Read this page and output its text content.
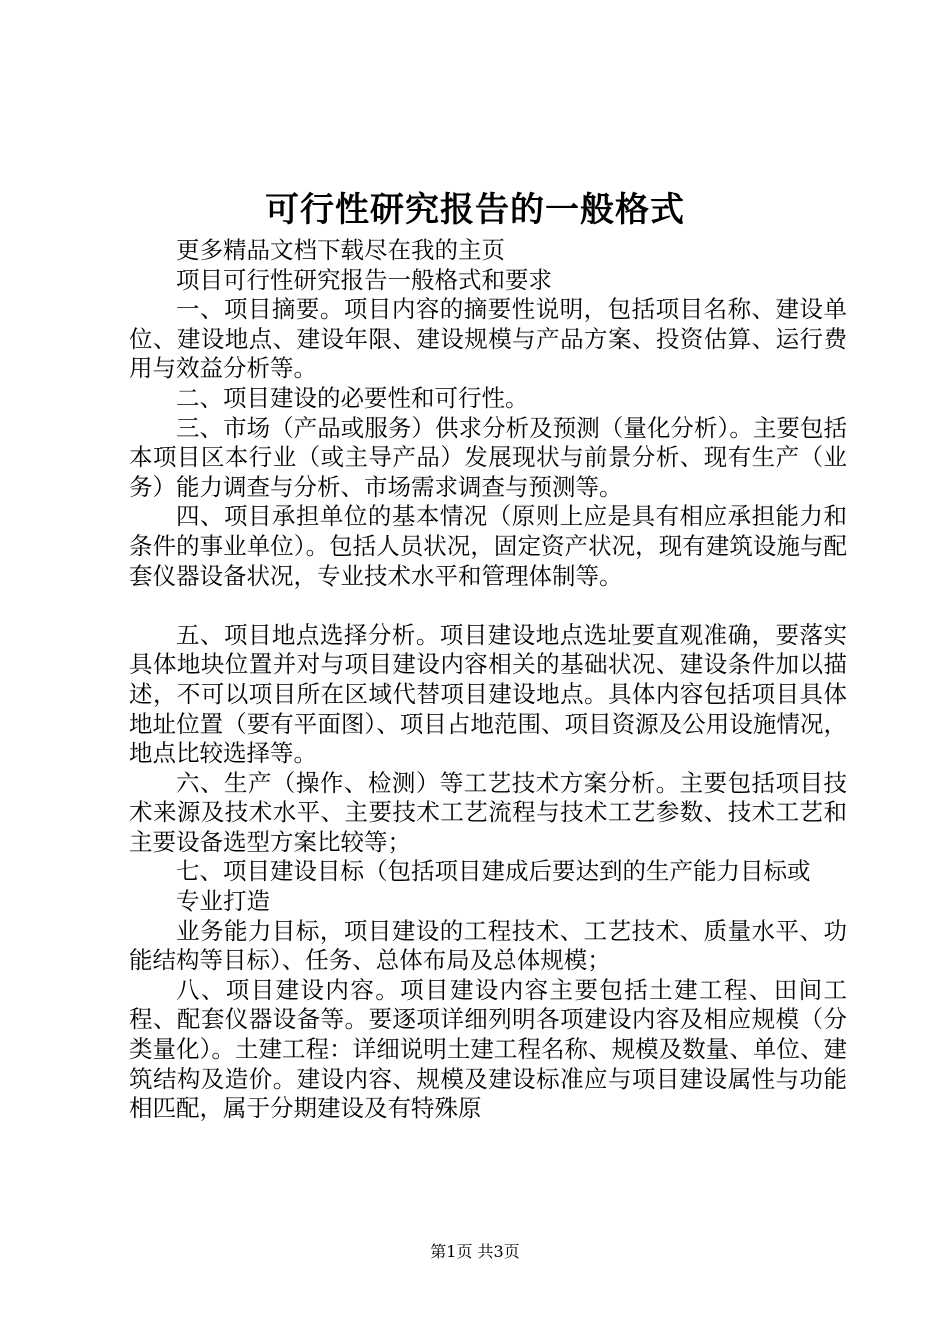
可行性研究报告的一般格式

更多精品文档下载尽在我的主页

项目可行性研究报告一般格式和要求

一、项目摘要。项目内容的摘要性说明，包括项目名称、建设单位、建设地点、建设年限、建设规模与产品方案、投资估算、运行费用与效益分析等。

二、项目建设的必要性和可行性。

三、市场（产品或服务）供求分析及预测（量化分析）。主要包括本项目区本行业（或主导产品）发展现状与前景分析、现有生产（业务）能力调查与分析、市场需求调查与预测等。

四、项目承担单位的基本情况（原则上应是具有相应承担能力和条件的事业单位）。包括人员状况，固定资产状况，现有建筑设施与配套仪器设备状况，专业技术水平和管理体制等。

五、项目地点选择分析。项目建设地点选址要直观准确，要落实具体地块位置并对与项目建设内容相关的基础状况、建设条件加以描述，不可以项目所在区域代替项目建设地点。具体内容包括项目具体地址位置（要有平面图）、项目占地范围、项目资源及公用设施情况，地点比较选择等。

六、生产（操作、检测）等工艺技术方案分析。主要包括项目技术来源及技术水平、主要技术工艺流程与技术工艺参数、技术工艺和主要设备选型方案比较等；

七、项目建设目标（包括项目建成后要达到的生产能力目标或

专业打造

业务能力目标，项目建设的工程技术、工艺技术、质量水平、功能结构等目标）、任务、总体布局及总体规模；

八、项目建设内容。项目建设内容主要包括土建工程、田间工程、配套仪器设备等。要逐项详细列明各项建设内容及相应规模（分类量化）。土建工程：详细说明土建工程名称、规模及数量、单位、建筑结构及造价。建设内容、规模及建设标准应与项目建设属性与功能相匹配，属于分期建设及有特殊原

第1页 共3页
